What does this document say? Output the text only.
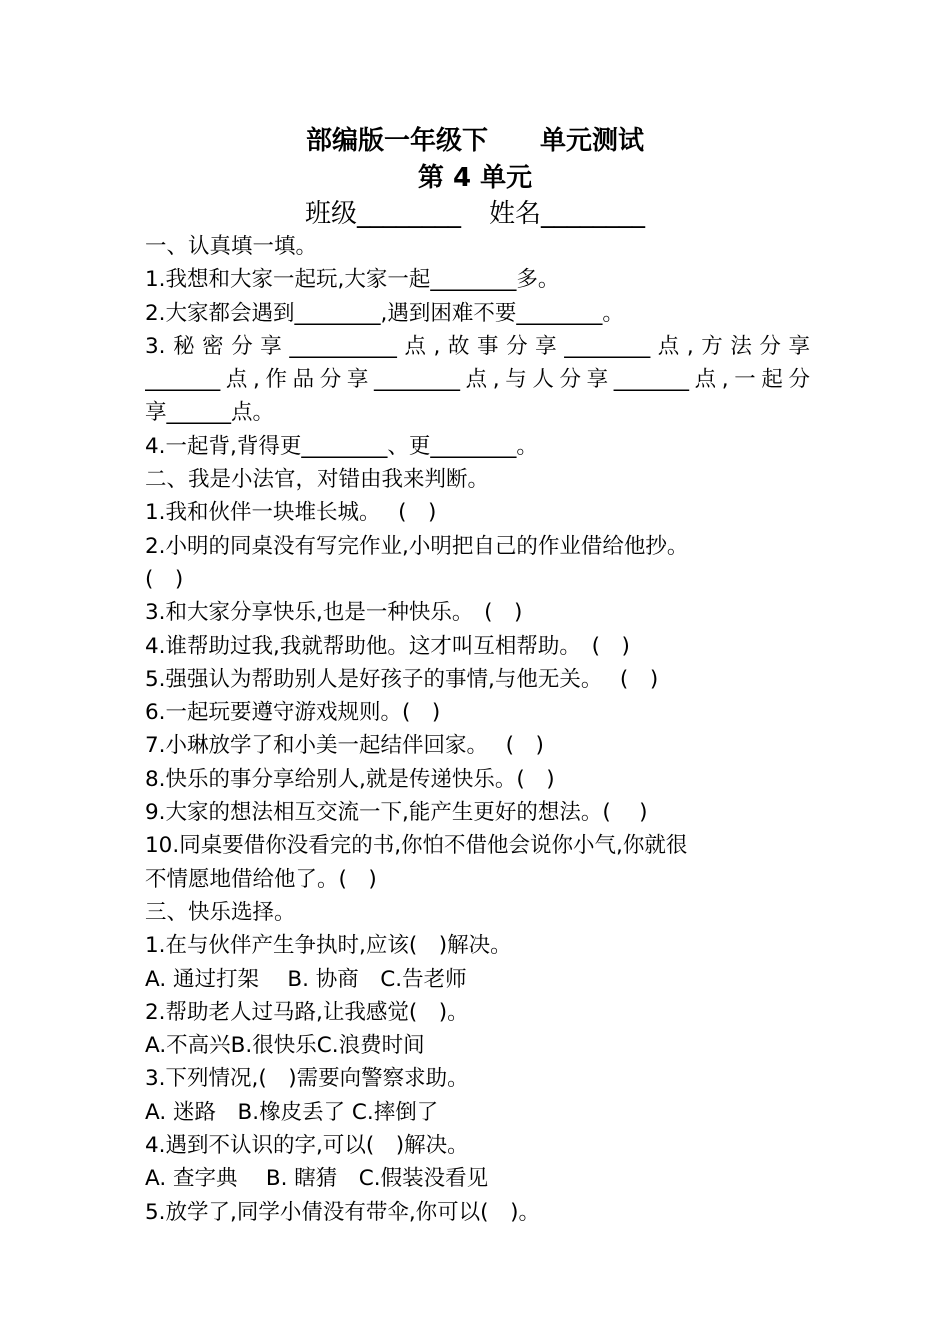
部编版一年级下 单元测试
第 4 单元
班级________ 姓名________
一、认真填一填。
1.我想和大家一起玩,大家一起________多。
2.大家都会遇到________,遇到困难不要________。
3.秘密分享__________点,故事分享________点,方法分享
_______点,作品分享________点,与人分享_______点,一起分
享______点。
4.一起背,背得更________、更________。
二、我是小法官，对错由我来判断。
1.我和伙伴一块堆长城。　 (　)
2.小明的同桌没有写完作业,小明把自己的作业借给他抄。
(　)
3.和大家分享快乐,也是一种快乐。　(　)
4.谁帮助过我,我就帮助他。这才叫互相帮助。　(　)
5.强强认为帮助别人是好孩子的事情,与他无关。　 (　)
6.一起玩要遵守游戏规则。(　)
7.小琳放学了和小美一起结伴回家。　 (　)
8.快乐的事分享给别人,就是传递快乐。(　)
9.大家的想法相互交流一下,能产生更好的想法。(　 )
10.同桌要借你没看完的书,你怕不借他会说你小气,你就很
不情愿地借给他了。(　)
三、快乐选择。
1.在与伙伴产生争执时,应该(　)解决。
A. 通过打架　 B. 协商　C.告老师
2.帮助老人过马路,让我感觉(　)。
A.不高兴B.很快乐C.浪费时间
3.下列情况,(　)需要向警察求助。
A. 迷路　B.橡皮丢了 C.摔倒了
4.遇到不认识的字,可以(　)解决。
A. 查字典　 B. 瞎猜　C.假装没看见
5.放学了,同学小倩没有带伞,你可以(　)。
